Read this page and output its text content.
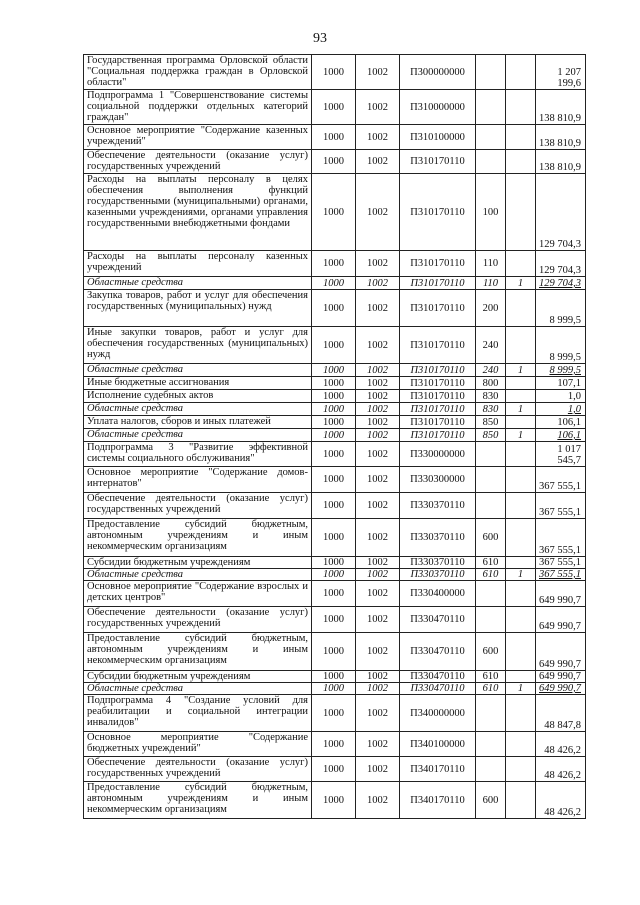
93
Государственная программа Орловской области "Социальная поддержка граждан в Орловской области"	1000	1002	П300000000			1 207 199,6
Подпрограмма 1 "Совершенствование системы социальной поддержки отдельных категорий граждан"	1000	1002	П310000000			138 810,9
Основное мероприятие "Содержание казенных учреждений"	1000	1002	П310100000			138 810,9
Обеспечение деятельности (оказание услуг) государственных учреждений	1000	1002	П310170110			138 810,9
Расходы на выплаты персоналу в целях обеспечения выполнения функций государственными (муниципальными) органами, казенными учреждениями, органами управления государственными внебюджетными фондами	1000	1002	П310170110	100		129 704,3
Расходы на выплаты персоналу казенных учреждений	1000	1002	П310170110	110		129 704,3
Областные средства	1000	1002	П310170110	110	1	129 704,3
Закупка товаров, работ и услуг для обеспечения государственных (муниципальных) нужд	1000	1002	П310170110	200		8 999,5
Иные закупки товаров, работ и услуг для обеспечения государственных (муниципальных) нужд	1000	1002	П310170110	240		8 999,5
Областные средства	1000	1002	П310170110	240	1	8 999,5
Иные бюджетные ассигнования	1000	1002	П310170110	800		107,1
Исполнение судебных актов	1000	1002	П310170110	830		1,0
Областные средства	1000	1002	П310170110	830	1	1,0
Уплата налогов, сборов и иных платежей	1000	1002	П310170110	850		106,1
Областные средства	1000	1002	П310170110	850	1	106,1
Подпрограмма 3 "Развитие эффективной системы социального обслуживания"	1000	1002	П330000000			1 017 545,7
Основное мероприятие "Содержание домов-интернатов"	1000	1002	П330300000			367 555,1
Обеспечение деятельности (оказание услуг) государственных учреждений	1000	1002	П330370110			367 555,1
Предоставление субсидий бюджетным, автономным учреждениям и иным некоммерческим организациям	1000	1002	П330370110	600		367 555,1
Субсидии бюджетным учреждениям	1000	1002	П330370110	610		367 555,1
Областные средства	1000	1002	П330370110	610	1	367 555,1
Основное мероприятие "Содержание взрослых и детских центров"	1000	1002	П330400000			649 990,7
Обеспечение деятельности (оказание услуг) государственных учреждений	1000	1002	П330470110			649 990,7
Предоставление субсидий бюджетным, автономным учреждениям и иным некоммерческим организациям	1000	1002	П330470110	600		649 990,7
Субсидии бюджетным учреждениям	1000	1002	П330470110	610		649 990,7
Областные средства	1000	1002	П330470110	610	1	649 990,7
Подпрограмма 4 "Создание условий для реабилитации и социальной интеграции инвалидов"	1000	1002	П340000000			48 847,8
Основное мероприятие "Содержание бюджетных учреждений"	1000	1002	П340100000			48 426,2
Обеспечение деятельности (оказание услуг) государственных учреждений	1000	1002	П340170110			48 426,2
Предоставление субсидий бюджетным, автономным учреждениям и иным некоммерческим организациям	1000	1002	П340170110	600		48 426,2
